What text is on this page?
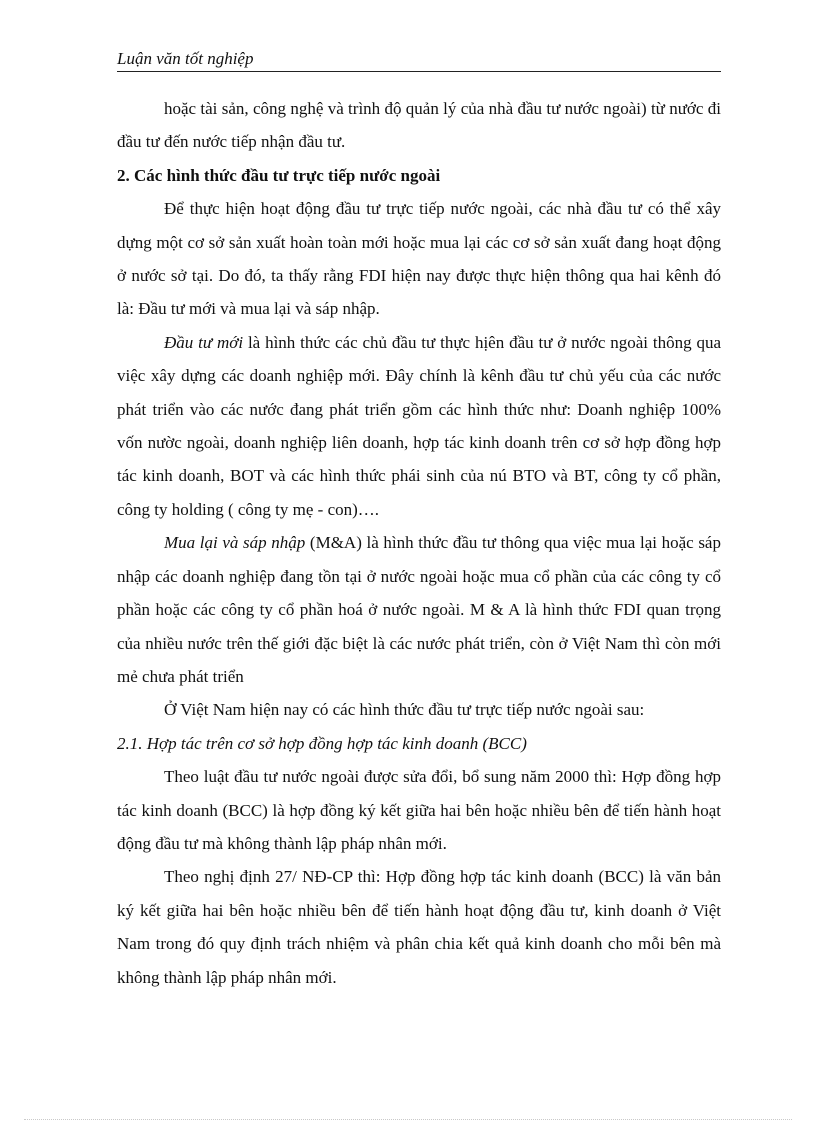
Luận văn tốt nghiệp

hoặc tài sản, công nghệ và trình độ quản lý của nhà đầu tư nước ngoài) từ nước đi đầu tư đến nước tiếp nhận đầu tư.

2. Các hình thức đầu tư trực tiếp nước ngoài

Để thực hiện hoạt động đầu tư trực tiếp nước ngoài, các nhà đầu tư có thể xây dựng một cơ sở sản xuất hoàn toàn mới hoặc mua lại các cơ sở sản xuất đang hoạt động ở nước sở tại. Do đó, ta thấy rằng FDI hiện nay được thực hiện thông qua hai kênh đó là: Đầu tư mới và mua lại và sáp nhập.

Đầu tư mới là hình thức các chủ đầu tư thực hịên đầu tư ở nước ngoài thông qua việc xây dựng các doanh nghiệp mới. Đây chính là kênh đầu tư chủ yếu của các nước phát triển vào các nước đang phát triển gồm các hình thức như: Doanh nghiệp 100% vốn nườc ngoài, doanh nghiệp liên doanh, hợp tác kinh doanh trên cơ sở hợp đồng hợp tác kinh doanh, BOT và các hình thức phái sinh của nú BTO và BT, công ty cổ phần, công ty holding ( công ty mẹ - con)….

Mua lại và sáp nhập (M&A) là hình thức đầu tư thông qua việc mua lại hoặc sáp nhập các doanh nghiệp đang tồn tại ở nước ngoài hoặc mua cổ phần của các công ty cổ phần hoặc các công ty cổ phần hoá ở nước ngoài. M & A là hình thức FDI quan trọng của nhiều nước trên thế giới đặc biệt là các nước phát triển, còn ở Việt Nam thì còn mới mẻ chưa phát triển

Ở Việt Nam hiện nay có các hình thức đầu tư trực tiếp nước ngoài sau:

2.1. Hợp tác trên cơ sở hợp đồng hợp tác kinh doanh (BCC)

Theo luật đầu tư nước ngoài được sửa đổi, bổ sung năm 2000 thì: Hợp đồng hợp tác kinh doanh (BCC) là hợp đồng ký kết giữa hai bên hoặc nhiều bên để tiến hành hoạt động đầu tư mà không thành lập pháp nhân mới.

Theo nghị định 27/ NĐ-CP thì: Hợp đồng hợp tác kinh doanh (BCC) là văn bản ký kết giữa hai bên hoặc nhiều bên để tiến hành hoạt động đầu tư, kinh doanh ở Việt Nam trong đó quy định trách nhiệm và phân chia kết quả kinh doanh cho mỗi bên mà không thành lập pháp nhân mới.
